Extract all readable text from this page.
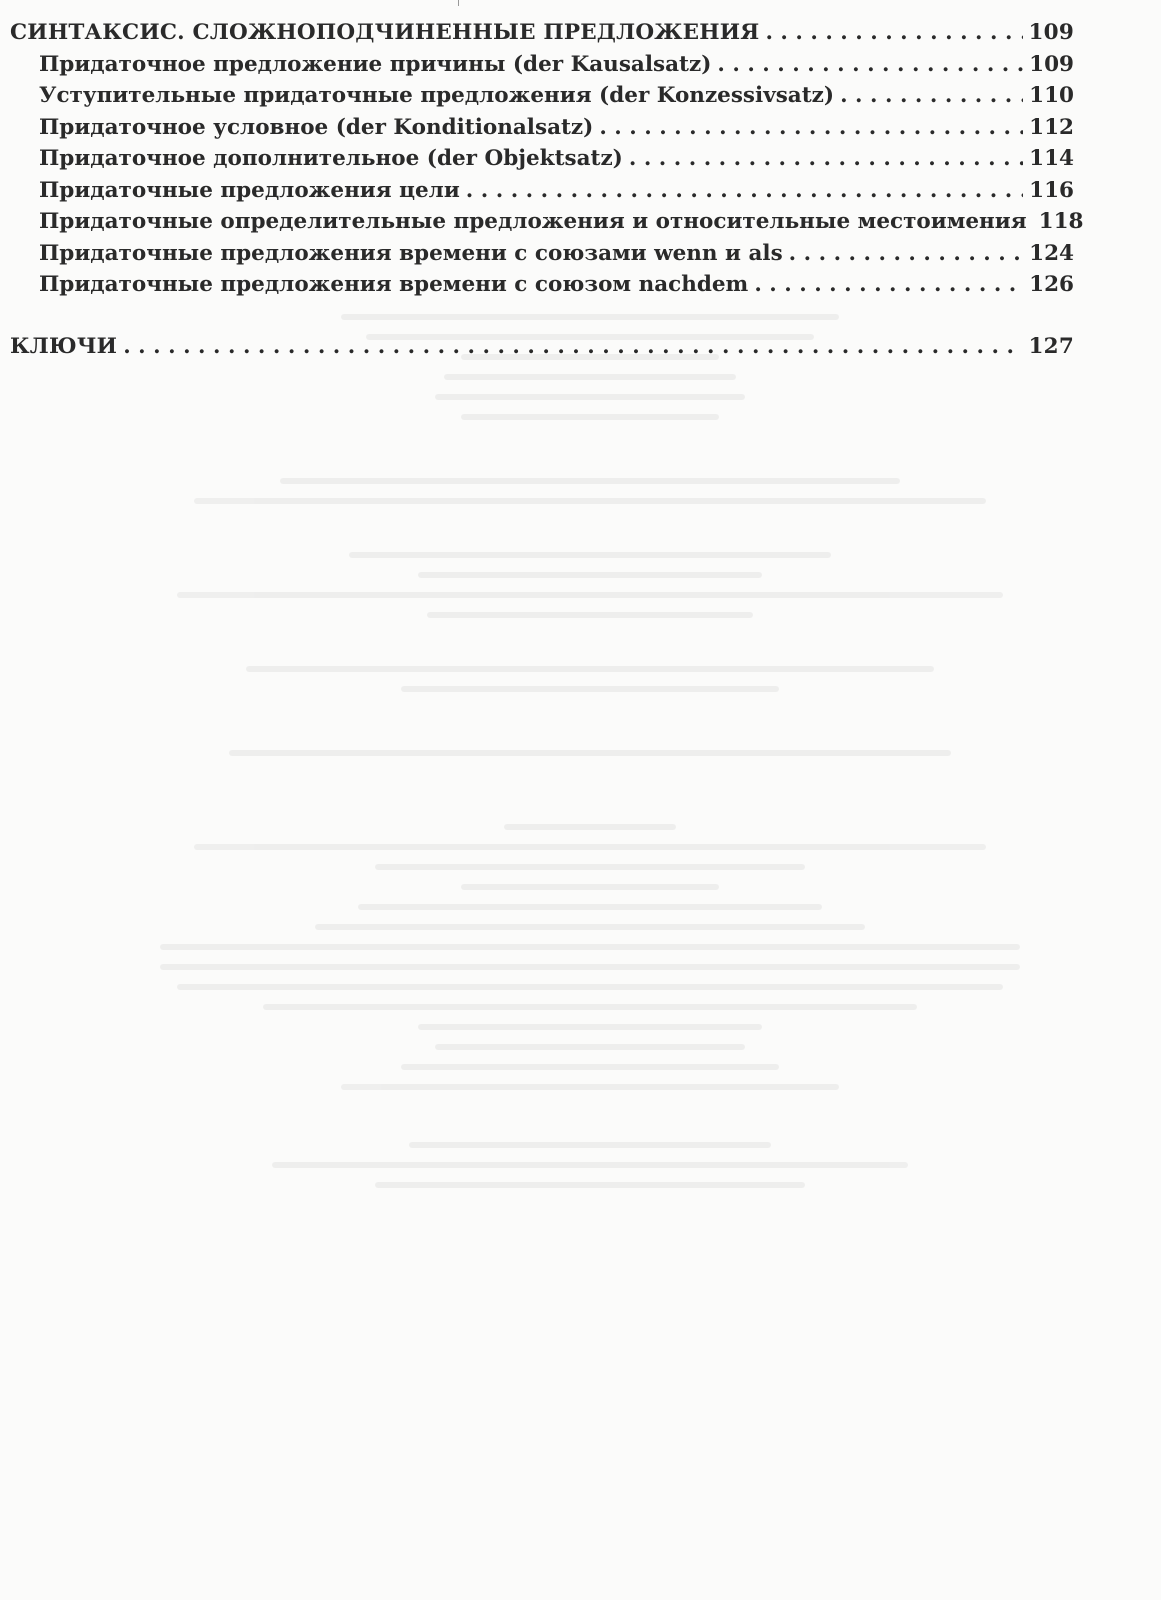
СИНТАКСИС. СЛОЖНОПОДЧИНЕННЫЕ ПРЕДЛОЖЕНИЯ . . .	109
Придаточное предложение причины (der Kausalsatz) . . .	109
Уступительные придаточные предложения (der Konzessivsatz) . . .	110
Придаточное условное (der Konditionalsatz) . . .	112
Придаточное дополнительное (der Objektsatz) . . .	114
Придаточные предложения цели . . .	116
Придаточные определительные предложения и относительные местоимения 118
Придаточные предложения времени с союзами wenn и als . . .	124
Придаточные предложения времени с союзом nachdem . . .	126
КЛЮЧИ . . .	127
